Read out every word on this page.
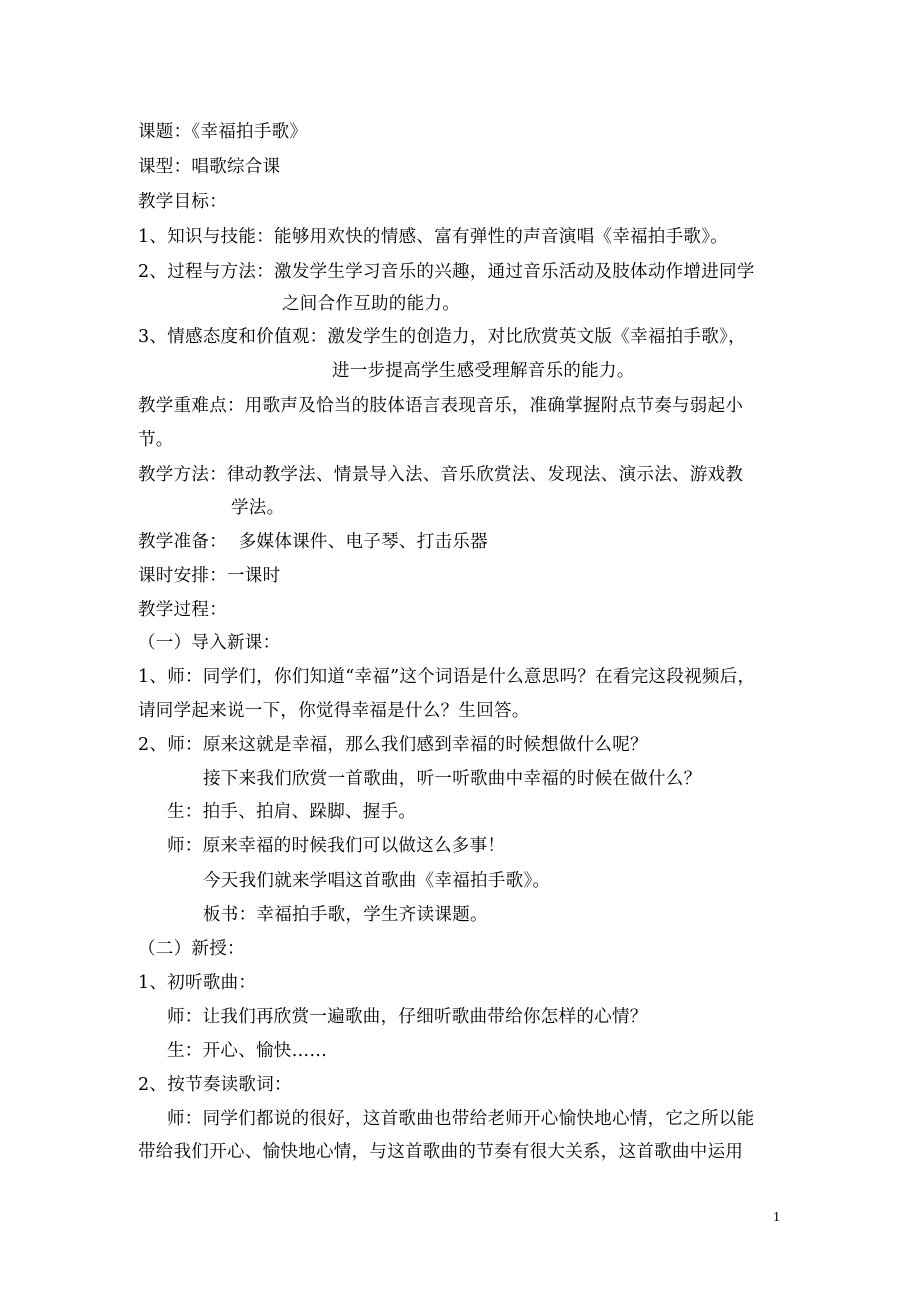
课题：《幸福拍手歌》
课型：唱歌综合课
教学目标：
1、知识与技能：能够用欢快的情感、富有弹性的声音演唱《幸福拍手歌》。
2、过程与方法：激发学生学习音乐的兴趣，通过音乐活动及肢体动作增进同学
之间合作互助的能力。
3、情感态度和价值观：激发学生的创造力，对比欣赏英文版《幸福拍手歌》，
进一步提高学生感受理解音乐的能力。
教学重难点：用歌声及恰当的肢体语言表现音乐，准确掌握附点节奏与弱起小
节。
教学方法：律动教学法、情景导入法、音乐欣赏法、发现法、演示法、游戏教
学法。
教学准备：  多媒体课件、电子琴、打击乐器
课时安排：一课时
教学过程：
（一）导入新课：
1、师：同学们，你们知道“幸福”这个词语是什么意思吗？在看完这段视频后，
请同学起来说一下，你觉得幸福是什么？生回答。
2、师：原来这就是幸福，那么我们感到幸福的时候想做什么呢？
接下来我们欣赏一首歌曲，听一听歌曲中幸福的时候在做什么？
生：拍手、拍肩、跺脚、握手。
师：原来幸福的时候我们可以做这么多事！
今天我们就来学唱这首歌曲《幸福拍手歌》。
板书：幸福拍手歌，学生齐读课题。
（二）新授：
1、初听歌曲：
师：让我们再欣赏一遍歌曲，仔细听歌曲带给你怎样的心情？
生：开心、愉快……
2、按节奏读歌词：
师：同学们都说的很好，这首歌曲也带给老师开心愉快地心情，它之所以能
带给我们开心、愉快地心情，与这首歌曲的节奏有很大关系，这首歌曲中运用
1
